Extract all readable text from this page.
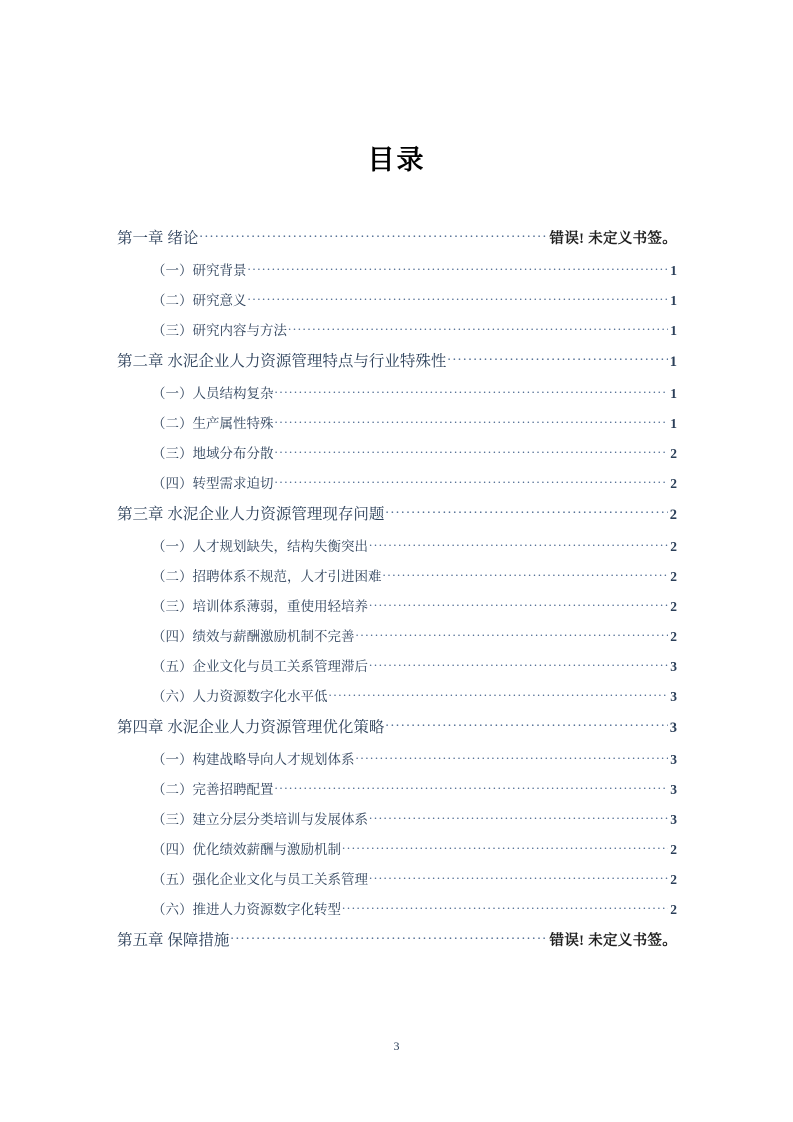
目录
第一章 绪论 .....	错误! 未定义书签。
（一）研究背景 .....	1
（二）研究意义 .....	1
（三）研究内容与方法 .....	1
第二章 水泥企业人力资源管理特点与行业特殊性 .....	1
（一）人员结构复杂 .....	1
（二）生产属性特殊 .....	1
（三）地域分布分散 .....	2
（四）转型需求迫切 .....	2
第三章 水泥企业人力资源管理现存问题 .....	2
（一）人才规划缺失，结构失衡突出 .....	2
（二）招聘体系不规范，人才引进困难 .....	2
（三）培训体系薄弱，重使用轻培养 .....	2
（四）绩效与薪酬激励机制不完善 .....	2
（五）企业文化与员工关系管理滞后 .....	3
（六）人力资源数字化水平低 .....	3
第四章 水泥企业人力资源管理优化策略 .....	3
（一）构建战略导向人才规划体系 .....	3
（二）完善招聘配置 .....	3
（三）建立分层分类培训与发展体系 .....	3
（四）优化绩效薪酬与激励机制 .....	2
（五）强化企业文化与员工关系管理 .....	2
（六）推进人力资源数字化转型 .....	2
第五章 保障措施 .....	错误! 未定义书签。
3
